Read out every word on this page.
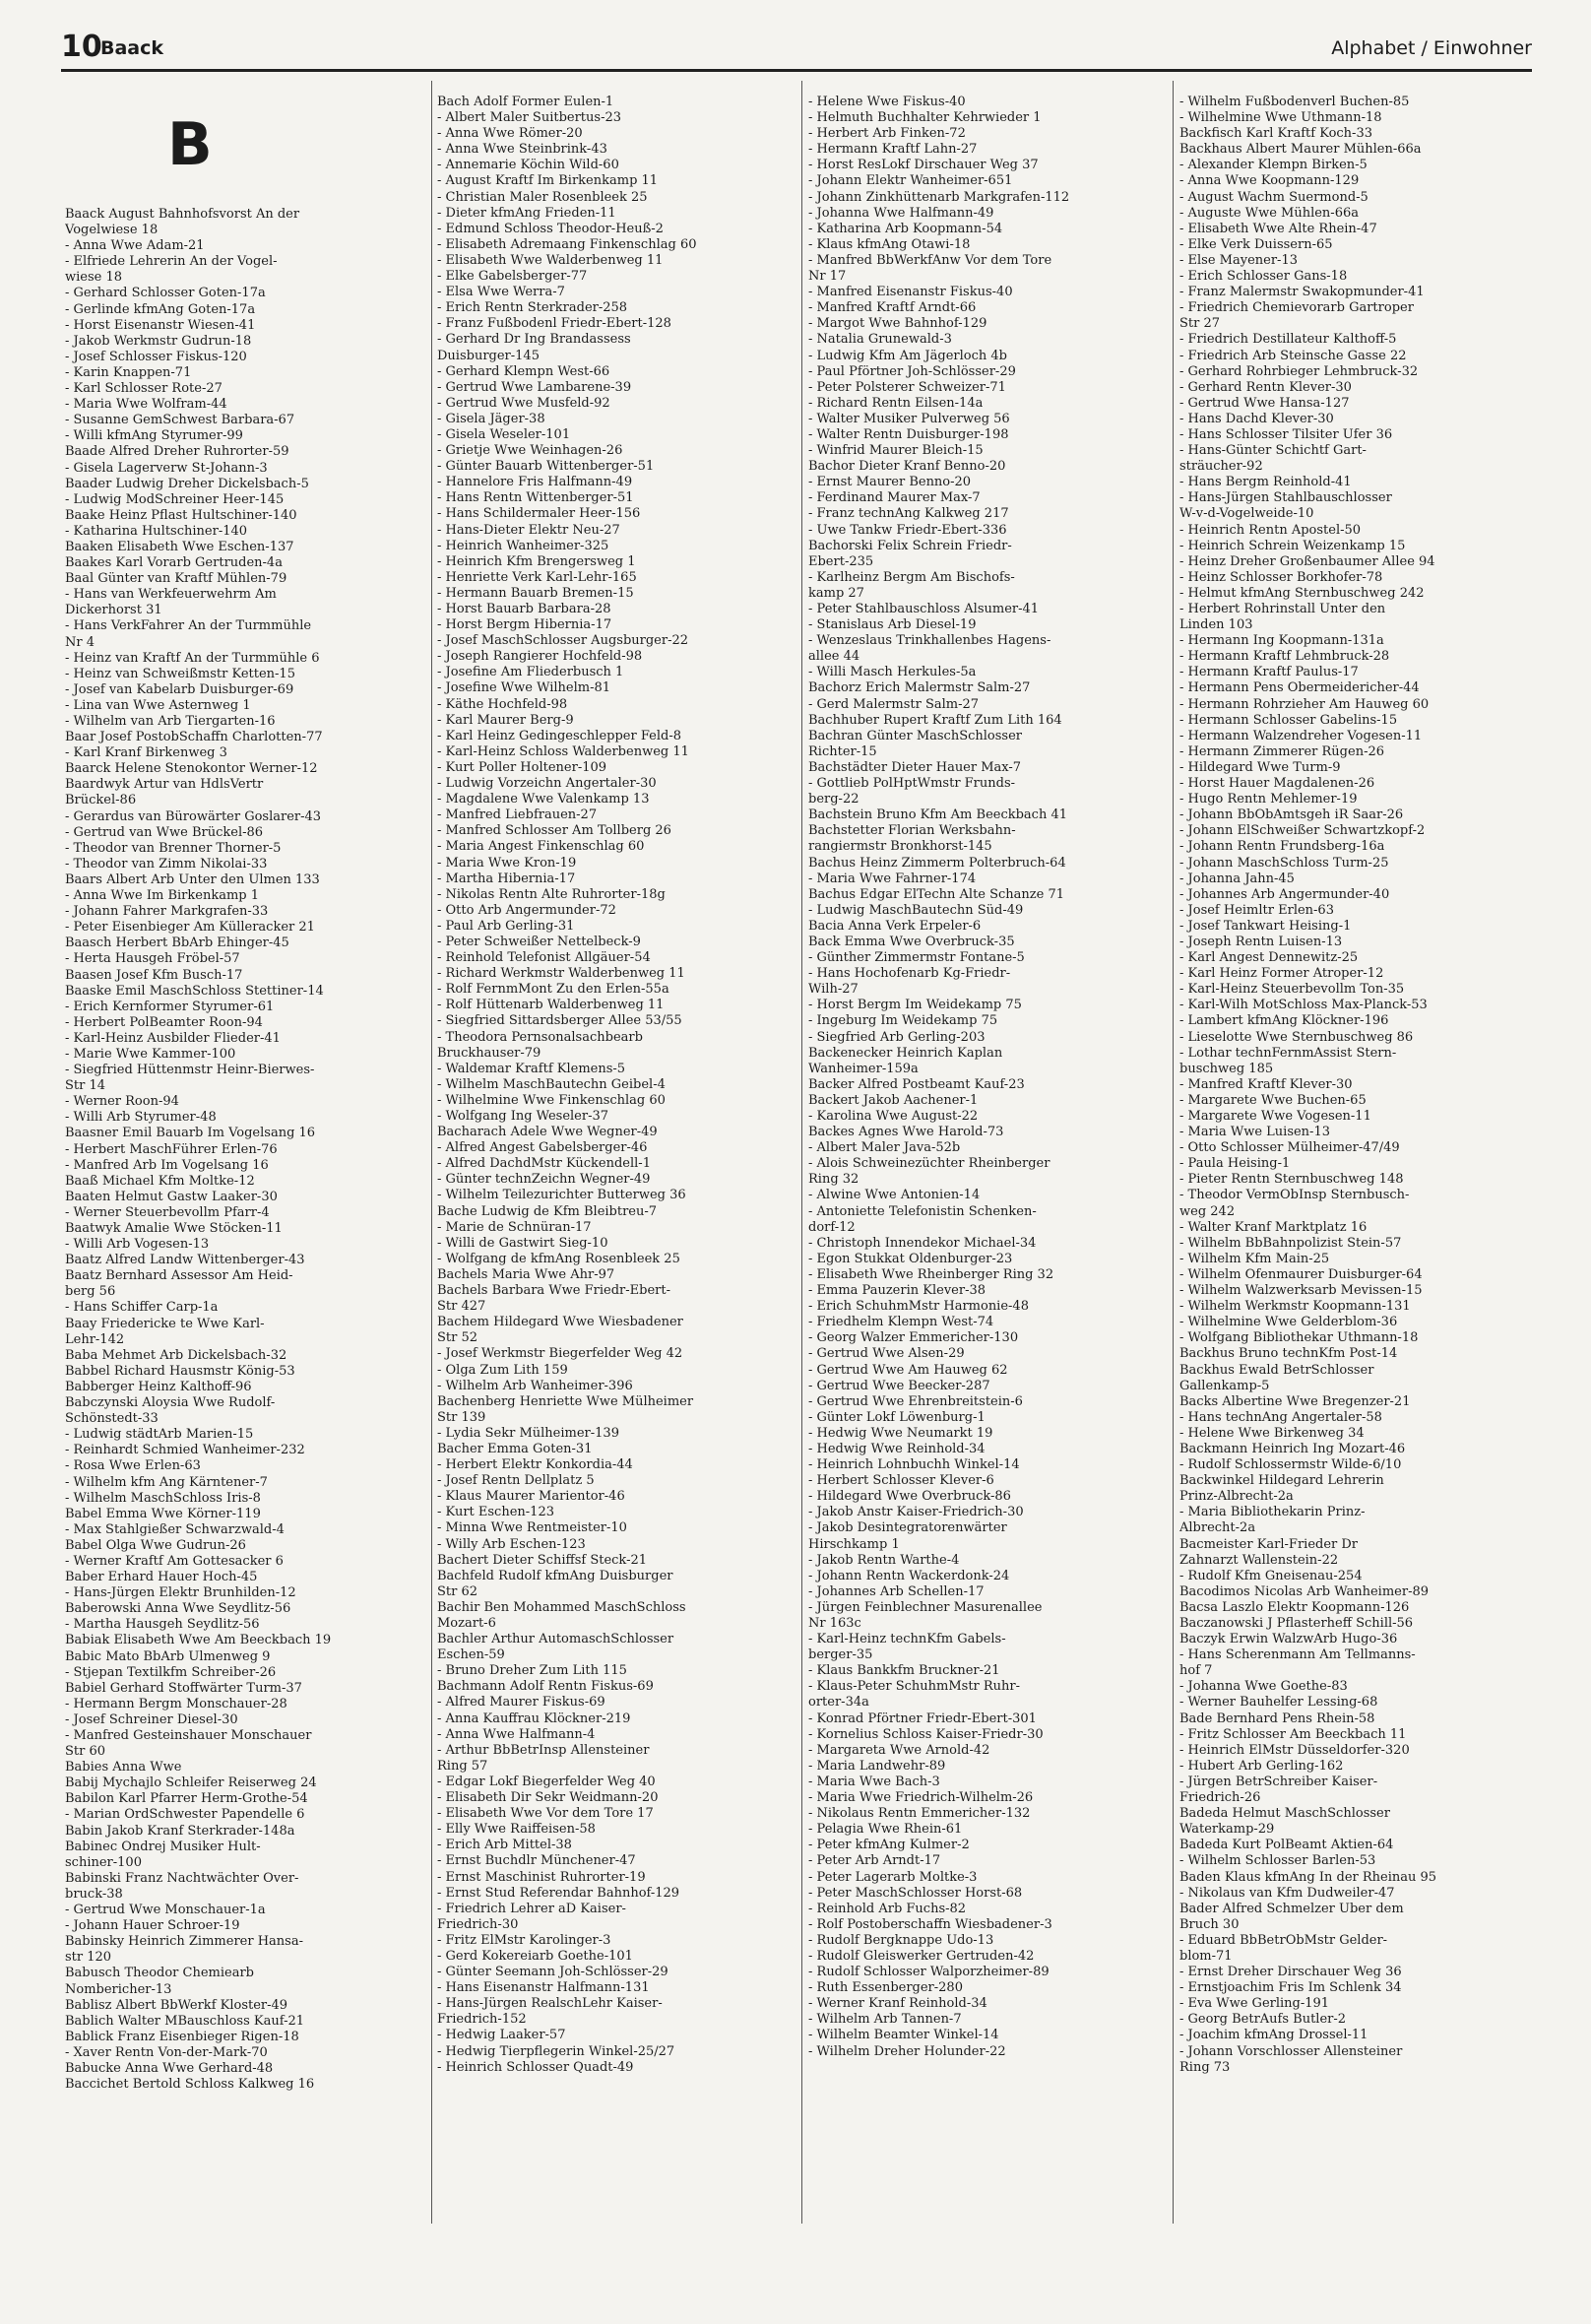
10
Baack	Alphabet / Einwohner
B
Baack August Bahnhofsvorst An der
Vogelwiese 18
- Anna Wwe Adam-21
- Elfriede Lehrerin An der Vogel-
wiese 18
- Gerhard Schlosser Goten-17a
- Gerlinde kfmAng Goten-17a
- Horst Eisenanstr Wiesen-41
- Jakob Werkmstr Gudrun-18
- Josef Schlosser Fiskus-120
- Karin Knappen-71
- Karl Schlosser Rote-27
- Maria Wwe Wolfram-44
- Susanne GemSchwest Barbara-67
- Willi kfmAng Styrumer-99
Baade Alfred Dreher Ruhrorter-59
- Gisela Lagerverw St-Johann-3
Baader Ludwig Dreher Dickelsbach-5
- Ludwig ModSchreiner Heer-145
Baake Heinz Pflast Hultschiner-140
- Katharina Hultschiner-140
Baaken Elisabeth Wwe Eschen-137
Baakes Karl Vorarb Gertruden-4a
Baal Günter van Kraftf Mühlen-79
- Hans van Werkfeuerwehrm Am
Dickerhorst 31
- Hans VerkFahrer An der Turmmühle
Nr 4
- Heinz van Kraftf An der Turmmühle 6
- Heinz van Schweißmstr Ketten-15
- Josef van Kabelarb Duisburger-69
- Lina van Wwe Asternweg 1
- Wilhelm van Arb Tiergarten-16
Baar Josef PostobSchaffn Charlotten-77
- Karl Kranf Birkenweg 3
Baarck Helene Stenokontor Werner-12
Baardwyk Artur van HdlsVertr
Brückel-86
- Gerardus van Bürowärter Goslarer-43
- Gertrud van Wwe Brückel-86
- Theodor van Brenner Thorner-5
- Theodor van Zimm Nikolai-33
Baars Albert Arb Unter den Ulmen 133
- Anna Wwe Im Birkenkamp 1
- Johann Fahrer Markgrafen-33
- Peter Eisenbieger Am Külleracker 21
Baasch Herbert BbArb Ehinger-45
- Herta Hausgeh Fröbel-57
Baasen Josef Kfm Busch-17
Baaske Emil MaschSchloss Stettiner-14
- Erich Kernformer Styrumer-61
- Herbert PolBeamter Roon-94
- Karl-Heinz Ausbilder Flieder-41
- Marie Wwe Kammer-100
- Siegfried Hüttenmstr Heinr-Bierwes-
Str 14
- Werner Roon-94
- Willi Arb Styrumer-48
Baasner Emil Bauarb Im Vogelsang 16
- Herbert MaschFührer Erlen-76
- Manfred Arb Im Vogelsang 16
Baaß Michael Kfm Moltke-12
Baaten Helmut Gastw Laaker-30
- Werner Steuerbevollm Pfarr-4
Baatwyk Amalie Wwe Stöcken-11
- Willi Arb Vogesen-13
Baatz Alfred Landw Wittenberger-43
Baatz Bernhard Assessor Am Heid-
berg 56
- Hans Schiffer Carp-1a
Baay Friedericke te Wwe Karl-
Lehr-142
Baba Mehmet Arb Dickelsbach-32
Babbel Richard Hausmstr König-53
Babberger Heinz Kalthoff-96
Babczynski Aloysia Wwe Rudolf-
Schönstedt-33
- Ludwig städtArb Marien-15
- Reinhardt Schmied Wanheimer-232
- Rosa Wwe Erlen-63
- Wilhelm kfm Ang Kärntener-7
- Wilhelm MaschSchloss Iris-8
Babel Emma Wwe Körner-119
- Max Stahlgießer Schwarzwald-4
Babel Olga Wwe Gudrun-26
- Werner Kraftf Am Gottesacker 6
Baber Erhard Hauer Hoch-45
- Hans-Jürgen Elektr Brunhilden-12
Baberowski Anna Wwe Seydlitz-56
- Martha Hausgeh Seydlitz-56
Babiak Elisabeth Wwe Am Beeckbach 19
Babic Mato BbArb Ulmenweg 9
- Stjepan Textilkfm Schreiber-26
Babiel Gerhard Stoffwärter Turm-37
- Hermann Bergm Monschauer-28
- Josef Schreiner Diesel-30
- Manfred Gesteinshauer Monschauer
Str 60
Babies Anna Wwe
Babij Mychajlo Schleifer Reiserweg 24
Babilon Karl Pfarrer Herm-Grothe-54
- Marian OrdSchwester Papendelle 6
Babin Jakob Kranf Sterkrader-148a
Babinec Ondrej Musiker Hult-
schiner-100
Babinski Franz Nachtwächter Over-
bruck-38
- Gertrud Wwe Monschauer-1a
- Johann Hauer Schroer-19
Babinsky Heinrich Zimmerer Hansa-
str 120
Babusch Theodor Chemiearb
Nombericher-13
Bablisz Albert BbWerkf Kloster-49
Bablich Walter MBauschloss Kauf-21
Bablick Franz Eisenbieger Rigen-18
- Xaver Rentn Von-der-Mark-70
Babucke Anna Wwe Gerhard-48
Baccichet Bertold Schloss Kalkweg 16
Bach Adolf Former Eulen-1
- Albert Maler Suitbertus-23
- Anna Wwe Römer-20
- Anna Wwe Steinbrink-43
- Annemarie Köchin Wild-60
- August Kraftf Im Birkenkamp 11
- Christian Maler Rosenbleek 25
- Dieter kfmAng Frieden-11
- Edmund Schloss Theodor-Heuß-2
- Elisabeth Adremaang Finkenschlag 60
- Elisabeth Wwe Walderbenweg 11
- Elke Gabelsberger-77
- Elsa Wwe Werra-7
- Erich Rentn Sterkrader-258
- Franz Fußbodenl Friedr-Ebert-128
- Gerhard Dr Ing Brandassess
Duisburger-145
- Gerhard Klempn West-66
- Gertrud Wwe Lambarene-39
- Gertrud Wwe Musfeld-92
- Gisela Jäger-38
- Gisela Weseler-101
- Grietje Wwe Weinhagen-26
- Günter Bauarb Wittenberger-51
- Hannelore Fris Halfmann-49
- Hans Rentn Wittenberger-51
- Hans Schildermaler Heer-156
- Hans-Dieter Elektr Neu-27
- Heinrich Wanheimer-325
- Heinrich Kfm Brengersweg 1
- Henriette Verk Karl-Lehr-165
- Hermann Bauarb Bremen-15
- Horst Bauarb Barbara-28
- Horst Bergm Hibernia-17
- Josef MaschSchlosser Augsburger-22
- Joseph Rangierer Hochfeld-98
- Josefine Am Fliederbusch 1
- Josefine Wwe Wilhelm-81
- Käthe Hochfeld-98
- Karl Maurer Berg-9
- Karl Heinz Gedingeschlepper Feld-8
- Karl-Heinz Schloss Walderbenweg 11
- Kurt Poller Holtener-109
- Ludwig Vorzeichn Angertaler-30
- Magdalene Wwe Valenkamp 13
- Manfred Liebfrauen-27
- Manfred Schlosser Am Tollberg 26
- Maria Angest Finkenschlag 60
- Maria Wwe Kron-19
- Martha Hibernia-17
- Nikolas Rentn Alte Ruhrorter-18g
- Otto Arb Angermunder-72
- Paul Arb Gerling-31
- Peter Schweißer Nettelbeck-9
- Reinhold Telefonist Allgäuer-54
- Richard Werkmstr Walderbenweg 11
- Rolf FernmMont Zu den Erlen-55a
- Rolf Hüttenarb Walderbenweg 11
- Siegfried Sittardsberger Allee 53/55
- Theodora Pernsonalsachbearb
Bruckhauser-79
- Waldemar Kraftf Klemens-5
- Wilhelm MaschBautechn Geibel-4
- Wilhelmine Wwe Finkenschlag 60
- Wolfgang Ing Weseler-37
Bacharach Adele Wwe Wegner-49
- Alfred Angest Gabelsberger-46
- Alfred DachdMstr Kückendell-1
- Günter technZeichn Wegner-49
- Wilhelm Teilezurichter Butterweg 36
Bache Ludwig de Kfm Bleibtreu-7
- Marie de Schnüran-17
- Willi de Gastwirt Sieg-10
- Wolfgang de kfmAng Rosenbleek 25
Bachels Maria Wwe Ahr-97
Bachels Barbara Wwe Friedr-Ebert-
Str 427
Bachem Hildegard Wwe Wiesbadener
Str 52
- Josef Werkmstr Biegerfelder Weg 42
- Olga Zum Lith 159
- Wilhelm Arb Wanheimer-396
Bachenberg Henriette Wwe Mülheimer
Str 139
- Lydia Sekr Mülheimer-139
Bacher Emma Goten-31
- Herbert Elektr Konkordia-44
- Josef Rentn Dellplatz 5
- Klaus Maurer Marientor-46
- Kurt Eschen-123
- Minna Wwe Rentmeister-10
- Willy Arb Eschen-123
Bachert Dieter Schiffsf Steck-21
Bachfeld Rudolf kfmAng Duisburger
Str 62
Bachir Ben Mohammed MaschSchloss
Mozart-6
Bachler Arthur AutomaschSchlosser
Eschen-59
- Bruno Dreher Zum Lith 115
Bachmann Adolf Rentn Fiskus-69
- Alfred Maurer Fiskus-69
- Anna Kauffrau Klöckner-219
- Anna Wwe Halfmann-4
- Arthur BbBetrInsp Allensteiner
Ring 57
- Edgar Lokf Biegerfelder Weg 40
- Elisabeth Dir Sekr Weidmann-20
- Elisabeth Wwe Vor dem Tore 17
- Elly Wwe Raiffeisen-58
- Erich Arb Mittel-38
- Ernst Buchdlr Münchener-47
- Ernst Maschinist Ruhrorter-19
- Ernst Stud Referendar Bahnhof-129
- Friedrich Lehrer aD Kaiser-
Friedrich-30
- Fritz ElMstr Karolinger-3
- Gerd Kokereiarb Goethe-101
- Günter Seemann Joh-Schlösser-29
- Hans Eisenanstr Halfmann-131
- Hans-Jürgen RealschLehr Kaiser-
Friedrich-152
- Hedwig Laaker-57
- Hedwig Tierpflegerin Winkel-25/27
- Heinrich Schlosser Quadt-49
- Helene Wwe Fiskus-40
- Helmuth Buchhalter Kehrwieder 1
- Herbert Arb Finken-72
- Hermann Kraftf Lahn-27
- Horst ResLokf Dirschauer Weg 37
- Johann Elektr Wanheimer-651
- Johann Zinkhüttenarb Markgrafen-112
- Johanna Wwe Halfmann-49
- Katharina Arb Koopmann-54
- Klaus kfmAng Otawi-18
- Manfred BbWerkfAnw Vor dem Tore
Nr 17
- Manfred Eisenanstr Fiskus-40
- Manfred Kraftf Arndt-66
- Margot Wwe Bahnhof-129
- Natalia Grunewald-3
- Ludwig Kfm Am Jägerloch 4b
- Paul Pförtner Joh-Schlösser-29
- Peter Polsterer Schweizer-71
- Richard Rentn Eilsen-14a
- Walter Musiker Pulverweg 56
- Walter Rentn Duisburger-198
- Winfrid Maurer Bleich-15
Bachor Dieter Kranf Benno-20
- Ernst Maurer Benno-20
- Ferdinand Maurer Max-7
- Franz technAng Kalkweg 217
- Uwe Tankw Friedr-Ebert-336
Bachorski Felix Schrein Friedr-
Ebert-235
- Karlheinz Bergm Am Bischofs-
kamp 27
- Peter Stahlbauschloss Alsumer-41
- Stanislaus Arb Diesel-19
- Wenzeslaus Trinkhallenbes Hagens-
allee 44
- Willi Masch Herkules-5a
Bachorz Erich Malermstr Salm-27
- Gerd Malermstr Salm-27
Bachhuber Rupert Kraftf Zum Lith 164
Bachran Günter MaschSchlosser
Richter-15
Bachstädter Dieter Hauer Max-7
- Gottlieb PolHptWmstr Frunds-
berg-22
Bachstein Bruno Kfm Am Beeckbach 41
Bachstetter Florian Werksbahn-
rangiermstr Bronkhorst-145
Bachus Heinz Zimmerm Polterbruch-64
- Maria Wwe Fahrner-174
Bachus Edgar ElTechn Alte Schanze 71
- Ludwig MaschBautechn Süd-49
Bacia Anna Verk Erpeler-6
Back Emma Wwe Overbruck-35
- Günther Zimmermstr Fontane-5
- Hans Hochofenarb Kg-Friedr-
Wilh-27
- Horst Bergm Im Weidekamp 75
- Ingeburg Im Weidekamp 75
- Siegfried Arb Gerling-203
Backenecker Heinrich Kaplan
Wanheimer-159a
Backer Alfred Postbeamt Kauf-23
Backert Jakob Aachener-1
- Karolina Wwe August-22
Backes Agnes Wwe Harold-73
- Albert Maler Java-52b
- Alois Schweinezüchter Rheinberger
Ring 32
- Alwine Wwe Antonien-14
- Antoniette Telefonistin Schenken-
dorf-12
- Christoph Innendekor Michael-34
- Egon Stukkat Oldenburger-23
- Elisabeth Wwe Rheinberger Ring 32
- Emma Pauzerin Klever-38
- Erich SchuhmMstr Harmonie-48
- Friedhelm Klempn West-74
- Georg Walzer Emmericher-130
- Gertrud Wwe Alsen-29
- Gertrud Wwe Am Hauweg 62
- Gertrud Wwe Beecker-287
- Gertrud Wwe Ehrenbreitstein-6
- Günter Lokf Löwenburg-1
- Hedwig Wwe Neumarkt 19
- Hedwig Wwe Reinhold-34
- Heinrich Lohnbuchh Winkel-14
- Herbert Schlosser Klever-6
- Hildegard Wwe Overbruck-86
- Jakob Anstr Kaiser-Friedrich-30
- Jakob Desintegratorenwärter
Hirschkamp 1
- Jakob Rentn Warthe-4
- Johann Rentn Wackerdonk-24
- Johannes Arb Schellen-17
- Jürgen Feinblechner Masurenallee
Nr 163c
- Karl-Heinz technKfm Gabels-
berger-35
- Klaus Bankkfm Bruckner-21
- Klaus-Peter SchuhmMstr Ruhr-
orter-34a
- Konrad Pförtner Friedr-Ebert-301
- Kornelius Schloss Kaiser-Friedr-30
- Margareta Wwe Arnold-42
- Maria Landwehr-89
- Maria Wwe Bach-3
- Maria Wwe Friedrich-Wilhelm-26
- Nikolaus Rentn Emmericher-132
- Pelagia Wwe Rhein-61
- Peter kfmAng Kulmer-2
- Peter Arb Arndt-17
- Peter Lagerarb Moltke-3
- Peter MaschSchlosser Horst-68
- Reinhold Arb Fuchs-82
- Rolf Postoberschaffn Wiesbadener-3
- Rudolf Bergknappe Udo-13
- Rudolf Gleiswerker Gertruden-42
- Rudolf Schlosser Walporzheimer-89
- Ruth Essenberger-280
- Werner Kranf Reinhold-34
- Wilhelm Arb Tannen-7
- Wilhelm Beamter Winkel-14
- Wilhelm Dreher Holunder-22
- Wilhelm Fußbodenverl Buchen-85
- Wilhelmine Wwe Uthmann-18
Backfisch Karl Kraftf Koch-33
Backhaus Albert Maurer Mühlen-66a
- Alexander Klempn Birken-5
- Anna Wwe Koopmann-129
- August Wachm Suermond-5
- Auguste Wwe Mühlen-66a
- Elisabeth Wwe Alte Rhein-47
- Elke Verk Duissern-65
- Else Mayener-13
- Erich Schlosser Gans-18
- Franz Malermstr Swakopmunder-41
- Friedrich Chemievorarb Gartroper
Str 27
- Friedrich Destillateur Kalthoff-5
- Friedrich Arb Steinsche Gasse 22
- Gerhard Rohrbieger Lehmbruck-32
- Gerhard Rentn Klever-30
- Gertrud Wwe Hansa-127
- Hans Dachd Klever-30
- Hans Schlosser Tilsiter Ufer 36
- Hans-Günter Schichtf Gart-
sträucher-92
- Hans Bergm Reinhold-41
- Hans-Jürgen Stahlbauschlosser
W-v-d-Vogelweide-10
- Heinrich Rentn Apostel-50
- Heinrich Schrein Weizenkamp 15
- Heinz Dreher Großenbaumer Allee 94
- Heinz Schlosser Borkhofer-78
- Helmut kfmAng Sternbuschweg 242
- Herbert Rohrinstall Unter den
Linden 103
- Hermann Ing Koopmann-131a
- Hermann Kraftf Lehmbruck-28
- Hermann Kraftf Paulus-17
- Hermann Pens Obermeidericher-44
- Hermann Rohrzieher Am Hauweg 60
- Hermann Schlosser Gabelins-15
- Hermann Walzendreher Vogesen-11
- Hermann Zimmerer Rügen-26
- Hildegard Wwe Turm-9
- Horst Hauer Magdalenen-26
- Hugo Rentn Mehlemer-19
- Johann BbObAmtsgeh iR Saar-26
- Johann ElSchweißer Schwartzkopf-2
- Johann Rentn Frundsberg-16a
- Johann MaschSchloss Turm-25
- Johanna Jahn-45
- Johannes Arb Angermunder-40
- Josef Heimltr Erlen-63
- Josef Tankwart Heising-1
- Joseph Rentn Luisen-13
- Karl Angest Dennewitz-25
- Karl Heinz Former Atroper-12
- Karl-Heinz Steuerbevollm Ton-35
- Karl-Wilh MotSchloss Max-Planck-53
- Lambert kfmAng Klöckner-196
- Lieselotte Wwe Sternbuschweg 86
- Lothar technFernmAssist Stern-
buschweg 185
- Manfred Kraftf Klever-30
- Margarete Wwe Buchen-65
- Margarete Wwe Vogesen-11
- Maria Wwe Luisen-13
- Otto Schlosser Mülheimer-47/49
- Paula Heising-1
- Pieter Rentn Sternbuschweg 148
- Theodor VermObInsp Sternbusch-
weg 242
- Walter Kranf Marktplatz 16
- Wilhelm BbBahnpolizist Stein-57
- Wilhelm Kfm Main-25
- Wilhelm Ofenmaurer Duisburger-64
- Wilhelm Walzwerksarb Mevissen-15
- Wilhelm Werkmstr Koopmann-131
- Wilhelmine Wwe Gelderblom-36
- Wolfgang Bibliothekar Uthmann-18
Backhus Bruno technKfm Post-14
Backhus Ewald BetrSchlosser
Gallenkamp-5
Backs Albertine Wwe Bregenzer-21
- Hans technAng Angertaler-58
- Helene Wwe Birkenweg 34
Backmann Heinrich Ing Mozart-46
- Rudolf Schlossermstr Wilde-6/10
Backwinkel Hildegard Lehrerin
Prinz-Albrecht-2a
- Maria Bibliothekarin Prinz-
Albrecht-2a
Bacmeister Karl-Frieder Dr
Zahnarzt Wallenstein-22
- Rudolf Kfm Gneisenau-254
Bacodimos Nicolas Arb Wanheimer-89
Bacsa Laszlo Elektr Koopmann-126
Baczanowski J Pflasterheff Schill-56
Baczyk Erwin WalzwArb Hugo-36
- Hans Scherenmann Am Tellmanns-
hof 7
- Johanna Wwe Goethe-83
- Werner Bauhelfer Lessing-68
Bade Bernhard Pens Rhein-58
- Fritz Schlosser Am Beeckbach 11
- Heinrich ElMstr Düsseldorfer-320
- Hubert Arb Gerling-162
- Jürgen BetrSchreiber Kaiser-
Friedrich-26
Badeda Helmut MaschSchlosser
Waterkamp-29
Badeda Kurt PolBeamt Aktien-64
- Wilhelm Schlosser Barlen-53
Baden Klaus kfmAng In der Rheinau 95
- Nikolaus van Kfm Dudweiler-47
Bader Alfred Schmelzer Über dem
Bruch 30
- Eduard BbBetrObMstr Gelder-
blom-71
- Ernst Dreher Dirschauer Weg 36
- Ernstjoachim Fris Im Schlenk 34
- Eva Wwe Gerling-191
- Georg BetrAufs Butler-2
- Joachim kfmAng Drossel-11
- Johann Vorschlosser Allensteiner
Ring 73
